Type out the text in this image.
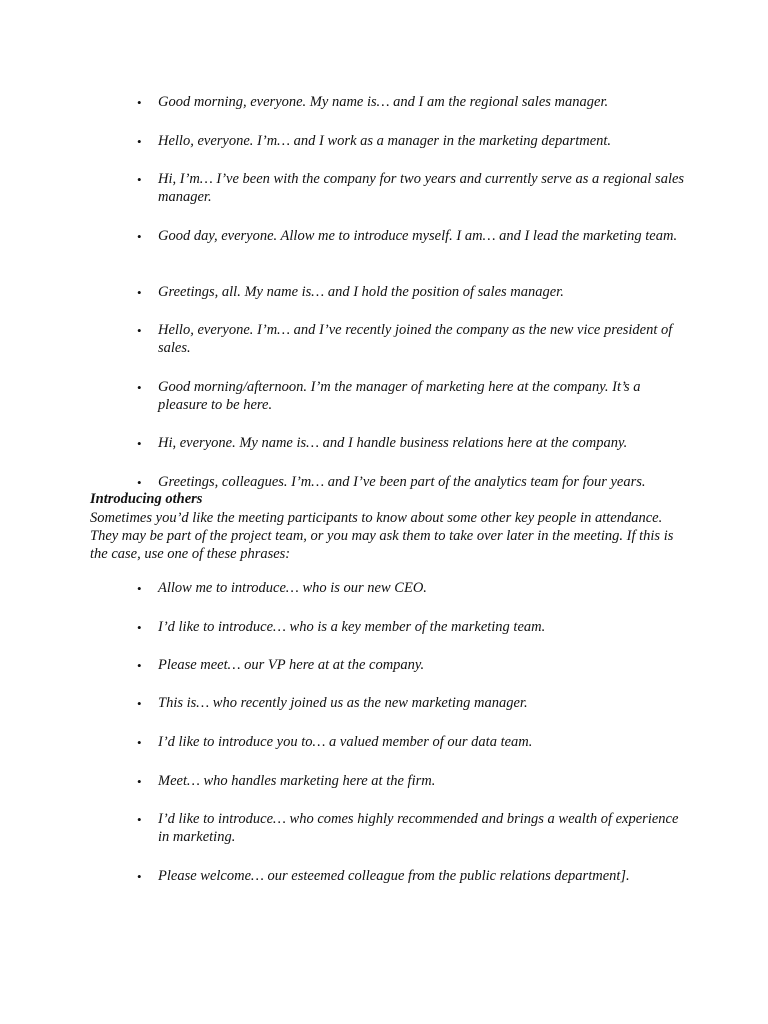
• Good morning, everyone. My name is… and I am the regional sales manager.
• Hello, everyone. I’m… and I work as a manager in the marketing department.
• Hi, I’m… I’ve been with the company for two years and currently serve as a regional sales manager.
• Good day, everyone. Allow me to introduce myself. I am… and I lead the marketing team.
• Greetings, all. My name is… and I hold the position of sales manager.
• Hello, everyone. I’m… and I’ve recently joined the company as the new vice president of sales.
• Good morning/afternoon. I’m the manager of marketing here at the company. It’s a pleasure to be here.
• Hi, everyone. My name is… and I handle business relations here at the company.
• Greetings, colleagues. I’m… and I’ve been part of the analytics team for four years.
Introducing others
Sometimes you’d like the meeting participants to know about some other key people in attendance. They may be part of the project team, or you may ask them to take over later in the meeting. If this is the case, use one of these phrases:
• Allow me to introduce… who is our new CEO.
• I’d like to introduce… who is a key member of the marketing team.
• Please meet… our VP here at at the company.
• This is… who recently joined us as the new marketing manager.
• I’d like to introduce you to… a valued member of our data team.
• Meet… who handles marketing here at the firm.
• I’d like to introduce… who comes highly recommended and brings a wealth of experience in marketing.
• Please welcome… our esteemed colleague from the public relations department].
